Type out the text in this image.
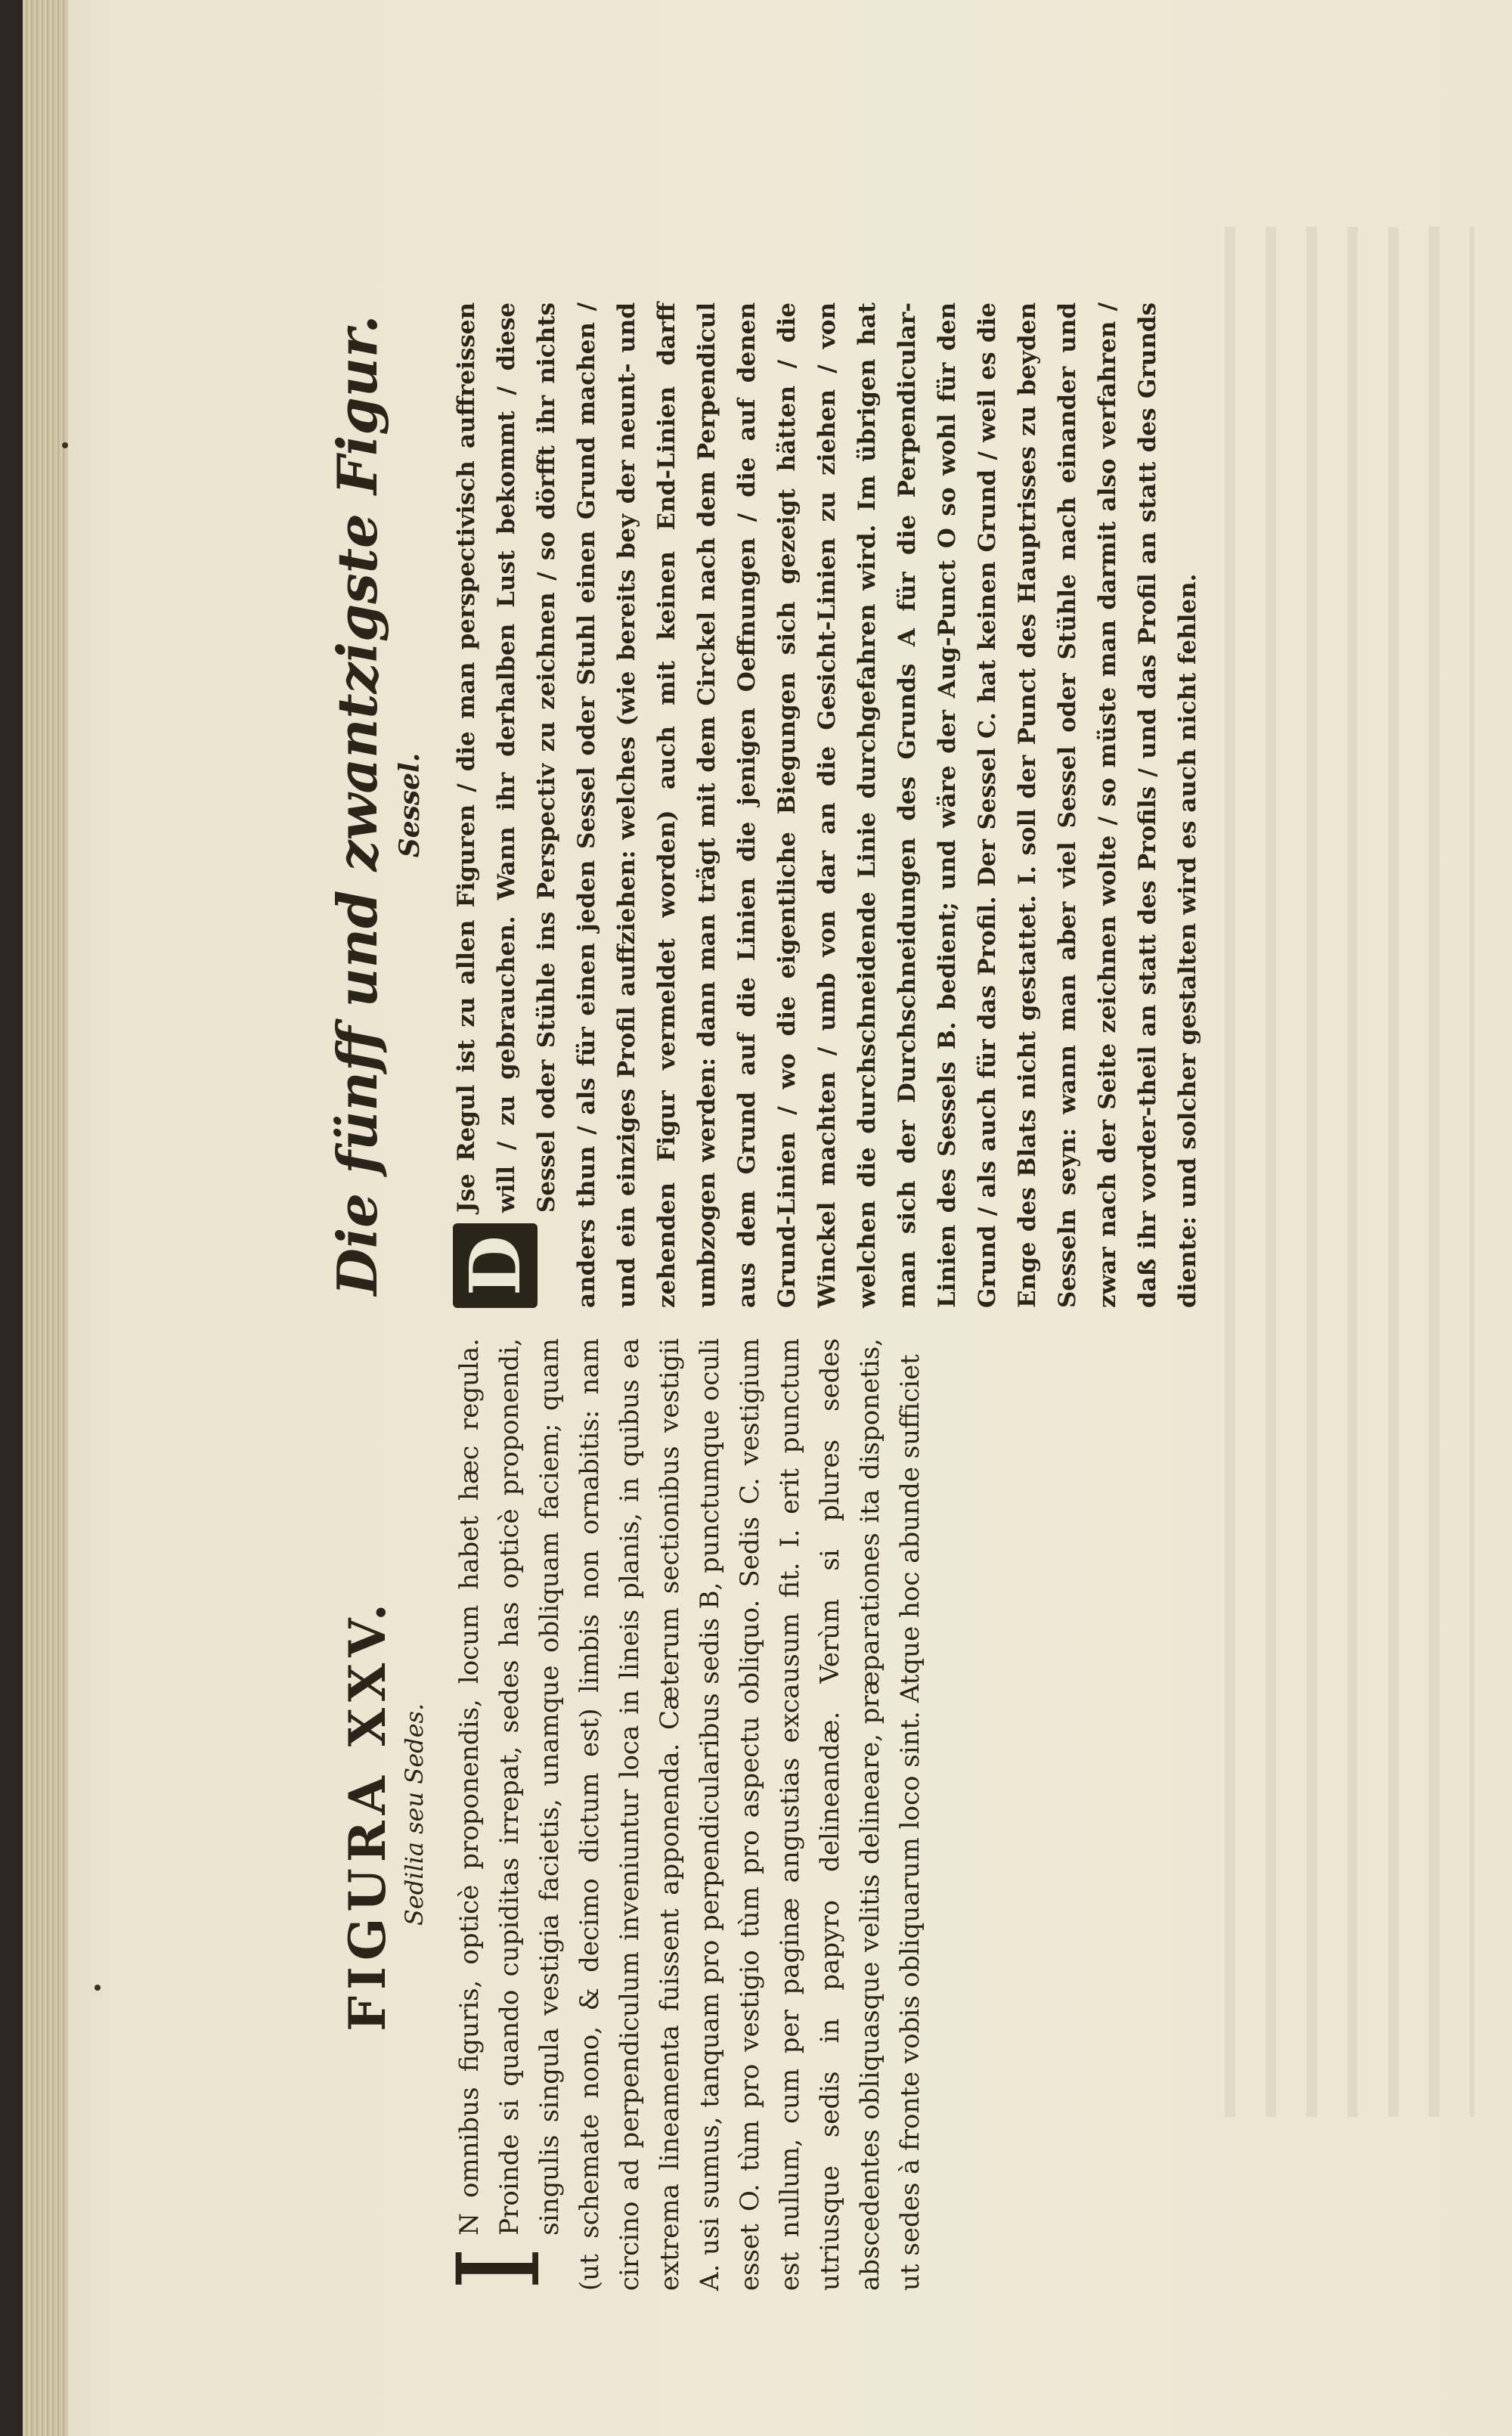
FIGURA XXV. Sedilia seu Sedes.

I
N omnibus figuris, opticè proponendis, locum habet hæc regula. Proinde si quando cupiditas irrepat, sedes has opticè proponendi, singulis singula vestigia facietis, unamque obliquam faciem; quam (ut schemate nono, & decimo dictum est) limbis non ornabitis: nam circino ad perpendiculum inveniuntur loca in lineis planis, in quibus ea extrema lineamenta fuissent apponenda. Cæterum sectionibus vestigii A. usi sumus, tanquam pro perpendicularibus sedis B, punctumque oculi esset O. tùm pro vestigio tùm pro aspectu obliquo. Sedis C. vestigium est nullum, cum per paginæ angustias excausum fit. I. erit punctum utriusque sedis in papyro delineandæ. Verùm si plures sedes abscedentes obliquasque velitis delineare, præparationes ita disponetis, ut sedes à fronte vobis obliquarum loco sint. Atque hoc abunde sufficiet

Die fünff und zwantzigste Figur. Sessel.

D
Jse Regul ist zu allen Figuren / die man perspectivisch auffreissen will / zu gebrauchen. Wann ihr derhalben Lust bekommt / diese Sessel oder Stühle ins Perspectiv zu zeichnen / so dörfft ihr nichts anders thun / als für einen jeden Sessel oder Stuhl einen Grund machen / und ein einziges Profil auffziehen: welches (wie bereits bey der neunt- und zehenden Figur vermeldet worden) auch mit keinen End-Linien darff umbzogen werden: dann man trägt mit dem Circkel nach dem Perpendicul aus dem Grund auf die Linien die jenigen Oeffnungen / die auf denen Grund-Linien / wo die eigentliche Biegungen sich gezeigt hätten / die Winckel machten / umb von dar an die Gesicht-Linien zu ziehen / von welchen die durchschneidende Linie durchgefahren wird. Im übrigen hat man sich der Durchschneidungen des Grunds A für die Perpendicular-Linien des Sessels B. bedient; und wäre der Aug-Punct O so wohl für den Grund / als auch für das Profil. Der Sessel C. hat keinen Grund / weil es die Enge des Blats nicht gestattet. I. soll der Punct des Hauptrisses zu beyden Sesseln seyn: wann man aber viel Sessel oder Stühle nach einander und zwar nach der Seite zeichnen wolte / so müste man darmit also verfahren / daß ihr vorder-theil an statt des Profils / und das Profil an statt des Grunds diente: und solcher gestalten wird es auch nicht fehlen.
